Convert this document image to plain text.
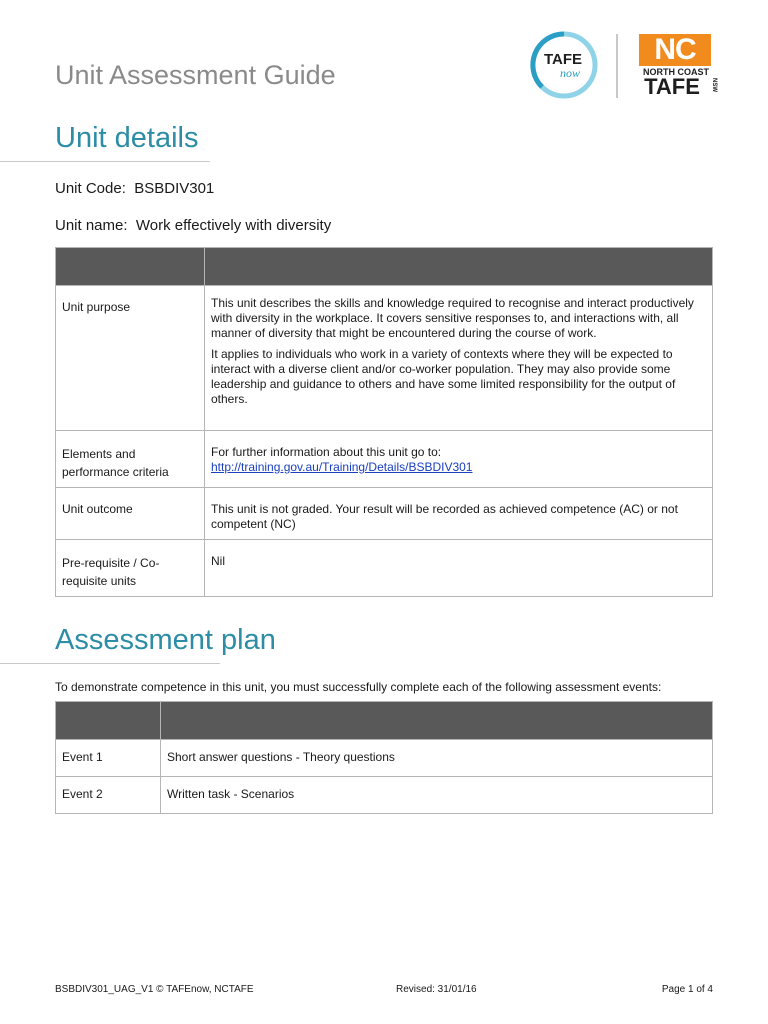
Unit Assessment Guide
TAFE
now
NC
NORTH COAST
TAFE	NSW
Unit details
Unit Code: BSBDIV301
Unit name: Work effectively with diversity

Unit purpose	This unit describes the skills and knowledge required to recognise and interact productively with diversity in the workplace. It covers sensitive responses to, and interactions with, all manner of diversity that might be encountered during the course of work.

It applies to individuals who work in a variety of contexts where they will be expected to interact with a diverse client and/or co-worker population. They may also provide some leadership and guidance to others and have some limited responsibility for the output of others.

Elements and performance criteria	For further information about this unit go to:

http://training.gov.au/Training/Details/BSBDIV301

Unit outcome	This unit is not graded. Your result will be recorded as achieved competence (AC) or not competent (NC)
Pre-requisite / Co-requisite units	Nil
Assessment plan
To demonstrate competence in this unit, you must successfully complete each of the following assessment events:

Event 1	Short answer questions - Theory questions
Event 2	Written task - Scenarios
BSBDIV301_UAG_V1 © TAFEnow, NCTAFE	Revised: 31/01/16	Page 1 of 4
